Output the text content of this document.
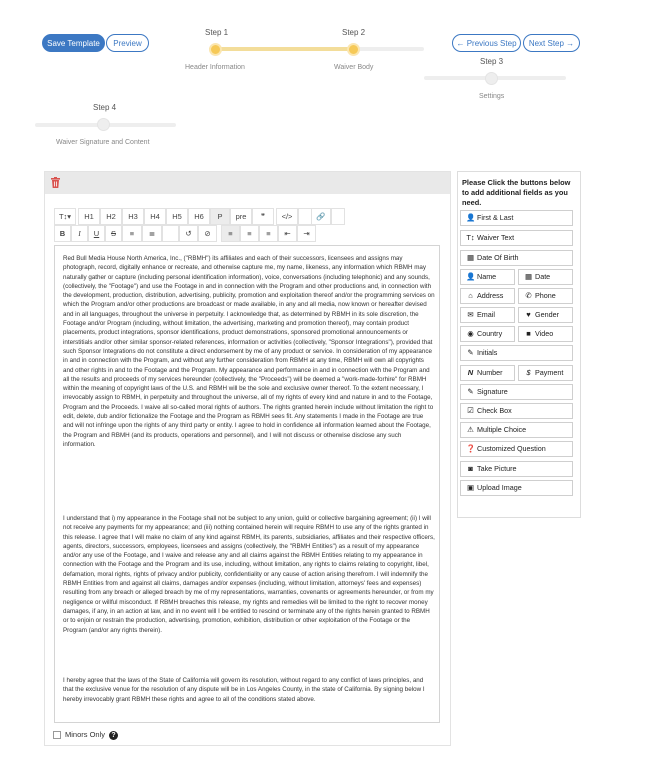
Save Template	Preview	← Previous Step	Next Step →
Step 1
Header Information
Step 2
Waiver Body
Step 3
Settings
Step 4
Waiver Signature and Content
T↕▾	H1	H2	H3	H4	H5	H6	P	pre	❞	</>	🔗
B	I	U	S	≡	≣	↺	⊘	≡	≡	≡	⇤	⇥

Red Bull Media House North America, Inc., ("RBMH") its affiliates and each of their successors, licensees and assigns may photograph, record, digitally enhance or recreate, and otherwise capture me, my name, likeness, any information which RBMH may naturally gather or capture (including personal identification information), voice, conversations (including telephonic) and any sounds, (collectively, the "Footage") and use the Footage in and in connection with the Program and other productions and, in connection with the development, production, distribution, advertising, publicity, promotion and exploitation thereof and/or the programming services on which the Program and/or other productions are broadcast or made available, in any and all media, now known or hereafter devised and in all languages, throughout the universe in perpetuity. I acknowledge that, as determined by RBMH in its sole discretion, the Footage and/or Program (including, without limitation, the advertising, marketing and promotion thereof), may contain product placements, product integrations, sponsor identifications, product demonstrations, sponsored promotional announcements or interstitials and/or other similar sponsor-related references, information or activities (collectively, "Sponsor Integrations"), provided that such Sponsor Integrations do not constitute a direct endorsement by me of any product or service. In consideration of my appearance in and in connection with the Program, and without any further consideration from RBMH at any time, RBMH will own all copyrights and other rights in and to the Footage and the Program. My appearance and performance in and in connection with the Program and all the results and proceeds of my services hereunder (collectively, the "Proceeds") will be deemed a "work-made-forhire" for RBMH within the meaning of copyright laws of the U.S. and RBMH will be the sole and exclusive owner thereof. To the extent necessary, I irrevocably assign to RBMH, in perpetuity and throughout the universe, all of my rights of every kind and nature in and to the Footage, Program and the Proceeds. I waive all so-called moral rights of authors. The rights granted herein include without limitation the right to edit, delete, dub and/or fictionalize the Footage and the Program as RBMH sees fit. Any statements I made in the Footage are true and will not infringe upon the rights of any third party or entity. I agree to hold in confidence all information learned about the Footage, the Program and RBMH (and its products, operations and personnel), and I will not discuss or otherwise disclose any such information.

I understand that i) my appearance in the Footage shall not be subject to any union, guild or collective bargaining agreement; (ii) I will not receive any payments for my appearance; and (iii) nothing contained herein will require RBMH to use any of the rights granted in this release. I agree that I will make no claim of any kind against RBMH, its parents, subsidiaries, affiliates and their respective officers, agents, directors, successors, employees, licensees and assigns (collectively, the "RBMH Entities") as a result of my appearance and/or any use of the Footage, and I waive and release any and all claims against the RBMH Entities relating to my appearance in connection with the Footage and the Program and its use, including, without limitation, any rights to claims relating to copyright, libel, defamation, moral rights, rights of privacy and/or publicity, confidentiality or any cause of action arising therefrom. I will indemnify the RBMH Entities from and against all claims, damages and/or expenses (including, without limitation, attorneys' fees and expenses) resulting from any breach or alleged breach by me of my representations, warranties, covenants or agreements hereunder, or from my negligence or willful misconduct. If RBMH breaches this release, my rights and remedies will be limited to the right to recover money damages, if any, in an action at law, and in no event will I be entitled to rescind or terminate any of the rights herein granted to RBMH or to enjoin or restrain the production, advertising, promotion, exhibition, distribution or other exploitation of the Footage or the Program (and/or any rights therein).

I hereby agree that the laws of the State of California will govern its resolution, without regard to any conflict of laws principles, and that the exclusive venue for the resolution of any dispute will be in Los Angeles County, in the state of California. By signing below I hereby irrevocably grant RBMH these rights and agree to all of the conditions stated above.

Minors Only ?
Please Click the buttons below to add additional fields as you need.
👤 First & Last
T↕ Waiver Text
▦ Date Of Birth
👤 Name	▦ Date
⌂ Address	✆ Phone
✉ Email	♥ Gender
◉ Country	■ Video
✎ Initials
N Number	$ Payment
✎ Signature
☑ Check Box
⚠ Multiple Choice
❓ Customized Question
◙ Take Picture
▣ Upload Image
